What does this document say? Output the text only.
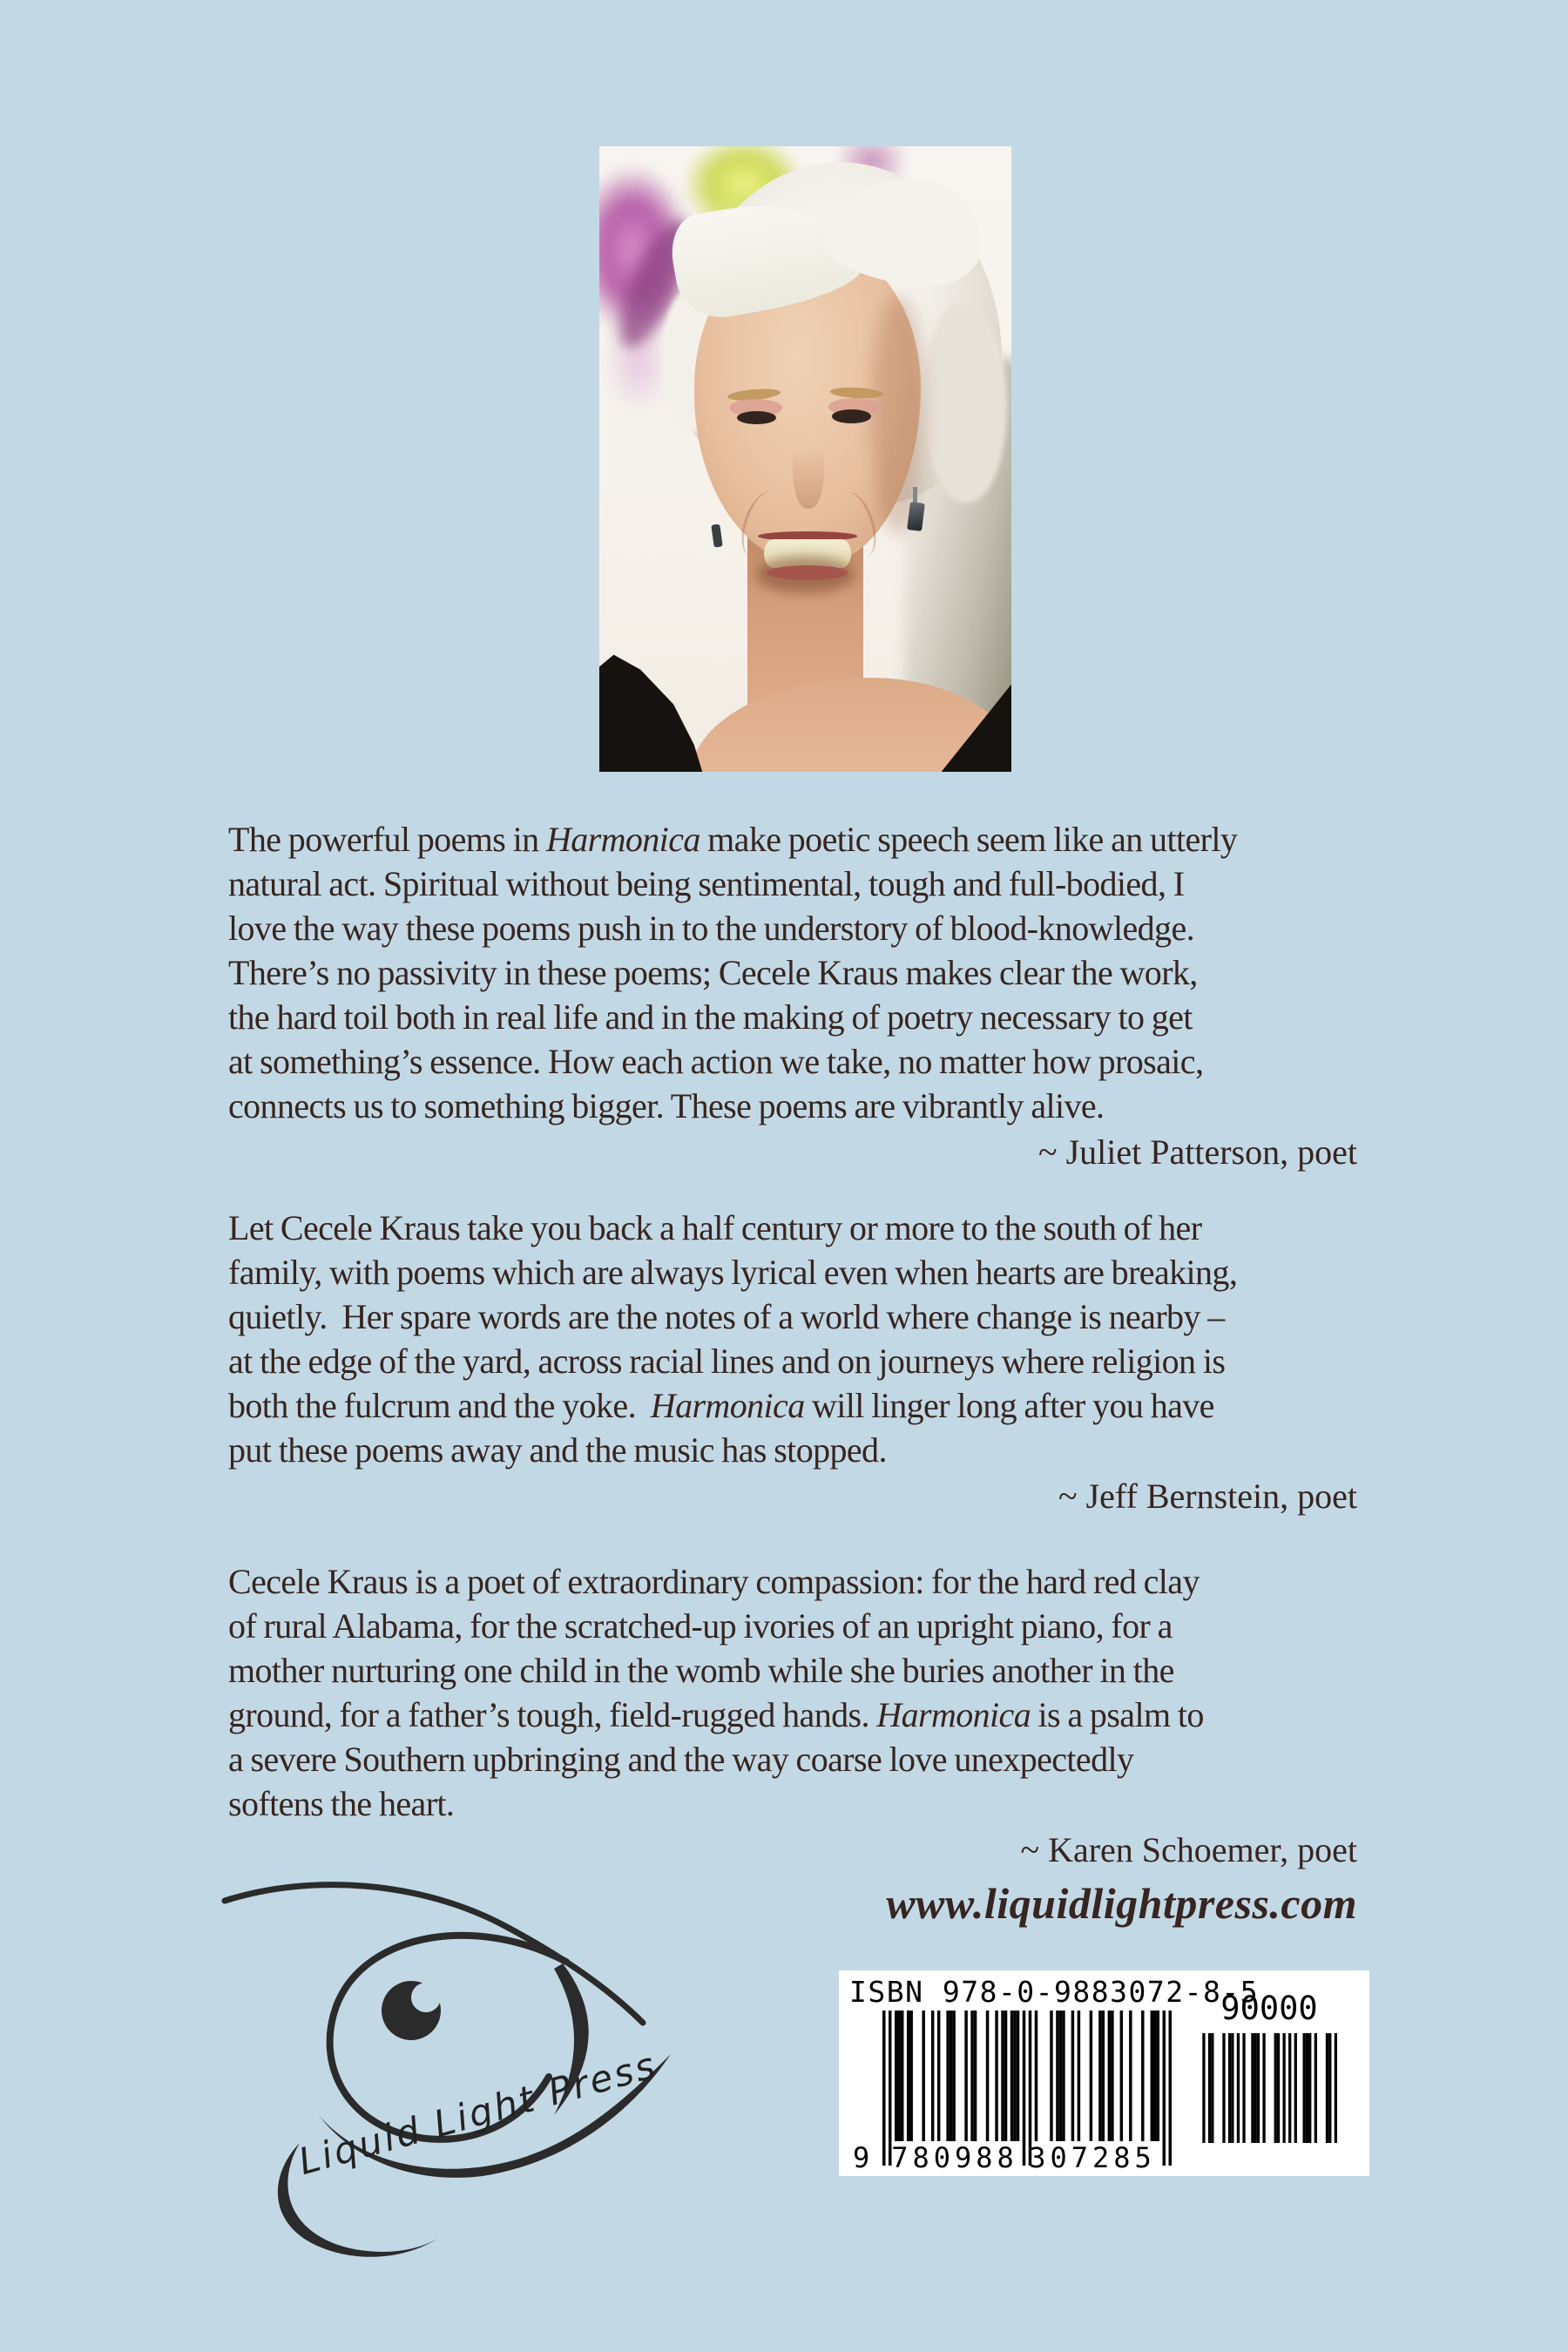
The powerful poems in Harmonica make poetic speech seem like an utterly
natural act. Spiritual without being sentimental, tough and full-bodied, I
love the way these poems push in to the understory of blood-knowledge.
There’s no passivity in these poems; Cecele Kraus makes clear the work,
the hard toil both in real life and in the making of poetry necessary to get
at something’s essence. How each action we take, no matter how prosaic,
connects us to something bigger. These poems are vibrantly alive.
~ Juliet Patterson, poet
Let Cecele Kraus take you back a half century or more to the south of her
family, with poems which are always lyrical even when hearts are breaking,
quietly.  Her spare words are the notes of a world where change is nearby –
at the edge of the yard, across racial lines and on journeys where religion is
both the fulcrum and the yoke.  Harmonica will linger long after you have
put these poems away and the music has stopped.
~ Jeff Bernstein, poet
Cecele Kraus is a poet of extraordinary compassion: for the hard red clay
of rural Alabama, for the scratched-up ivories of an upright piano, for a
mother nurturing one child in the womb while she buries another in the
ground, for a father’s tough, field-rugged hands. Harmonica is a psalm to
a severe Southern upbringing and the way coarse love unexpectedly
softens the heart.
~ Karen Schoemer, poet
www.liquidlightpress.com
Liquid Light Press
ISBN 978-0-9883072-8-5
90000
9 780988 307285
